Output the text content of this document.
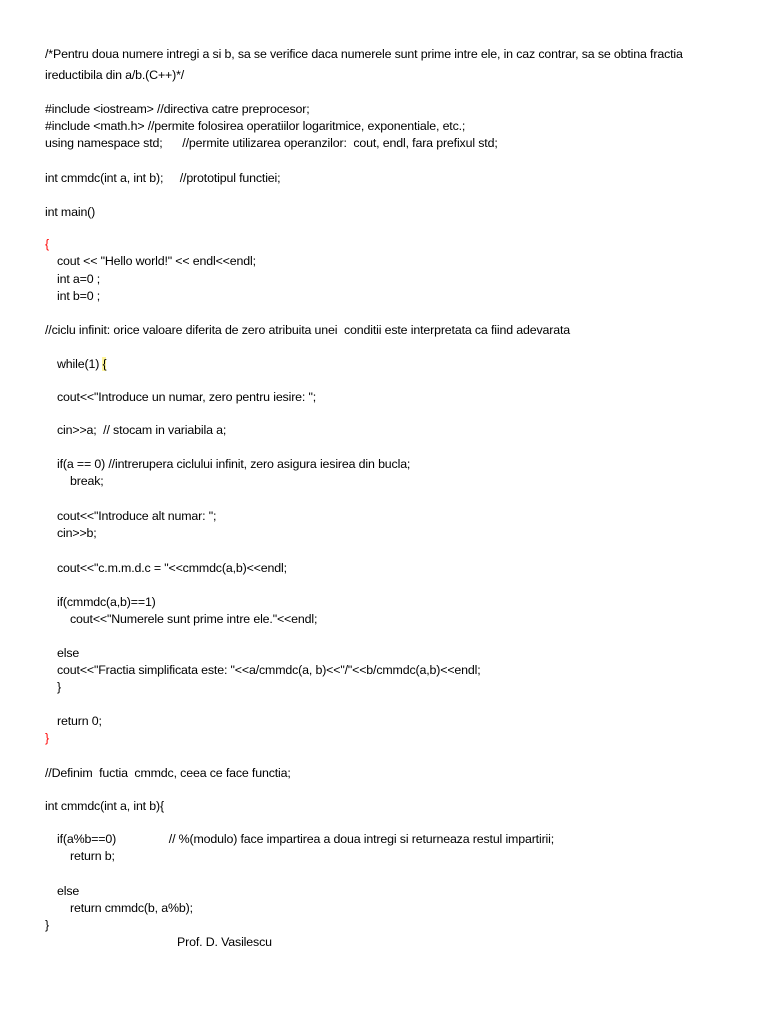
/*Pentru doua numere intregi a si b, sa se verifice daca numerele sunt prime intre ele, in caz contrar, sa se obtina fractia
ireductibila din a/b.(C++)*/
#include <iostream> //directiva catre preprocesor;
#include <math.h> //permite folosirea operatiilor logaritmice, exponentiale, etc.;
using namespace std;      //permite utilizarea operanzilor:  cout, endl, fara prefixul std;
int cmmdc(int a, int b);     //prototipul functiei;
int main()
{
cout << "Hello world!" << endl<<endl;
int a=0 ;
int b=0 ;
//ciclu infinit: orice valoare diferita de zero atribuita unei  conditii este interpretata ca fiind adevarata
while(1) {
cout<<"Introduce un numar, zero pentru iesire: ";
cin>>a;  // stocam in variabila a;
if(a == 0) //intrerupera ciclului infinit, zero asigura iesirea din bucla;
break;
cout<<"Introduce alt numar: ";
cin>>b;
cout<<"c.m.m.d.c = "<<cmmdc(a,b)<<endl;
if(cmmdc(a,b)==1)
cout<<"Numerele sunt prime intre ele."<<endl;
else
cout<<"Fractia simplificata este: "<<a/cmmdc(a, b)<<"/"<<b/cmmdc(a,b)<<endl;
}
return 0;
}
//Definim  fuctia  cmmdc, ceea ce face functia;
int cmmdc(int a, int b){
if(a%b==0)                // %(modulo) face impartirea a doua intregi si returneaza restul impartirii;
return b;
else
return cmmdc(b, a%b);
}
Prof. D. Vasilescu
